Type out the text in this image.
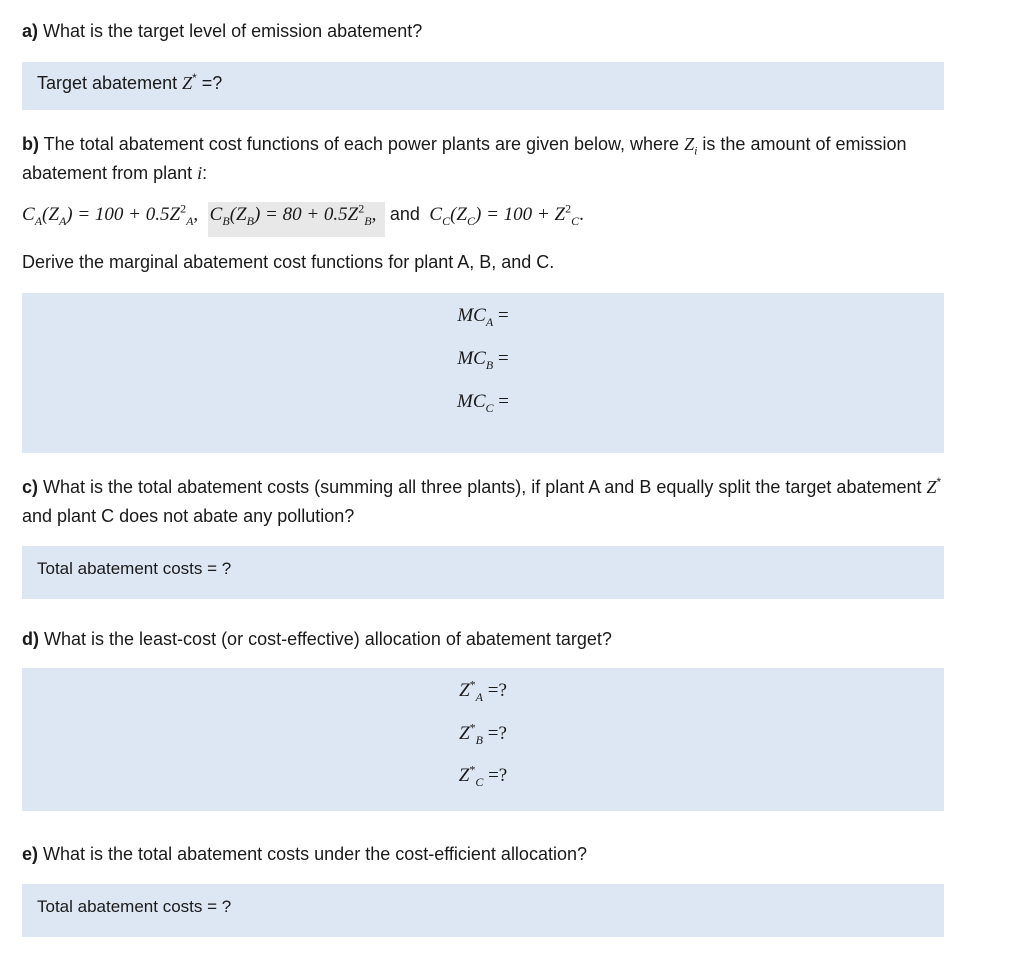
a) What is the target level of emission abatement?

Target abatement Z* =?

b) The total abatement cost functions of each power plants are given below, where $Z_i$ is the amount of emission abatement from plant i:

$C_A(Z_A) = 100 + 0.5Z^2_A$,  $C_B(Z_B) = 80 + 0.5Z^2_B$,  and $C_C(Z_C) = 100 + Z^2_C$.

Derive the marginal abatement cost functions for plant A, B, and C.

$MC_A$ =
$MC_B$ =
$MC_C$ =

c) What is the total abatement costs (summing all three plants), if plant A and B equally split the target abatement Z* and plant C does not abate any pollution?

Total abatement costs = ?

d) What is the least-cost (or cost-effective) allocation of abatement target?

$Z^*_A$ =?
$Z^*_B$ =?
$Z^*_C$ =?

e) What is the total abatement costs under the cost-efficient allocation?

Total abatement costs = ?
